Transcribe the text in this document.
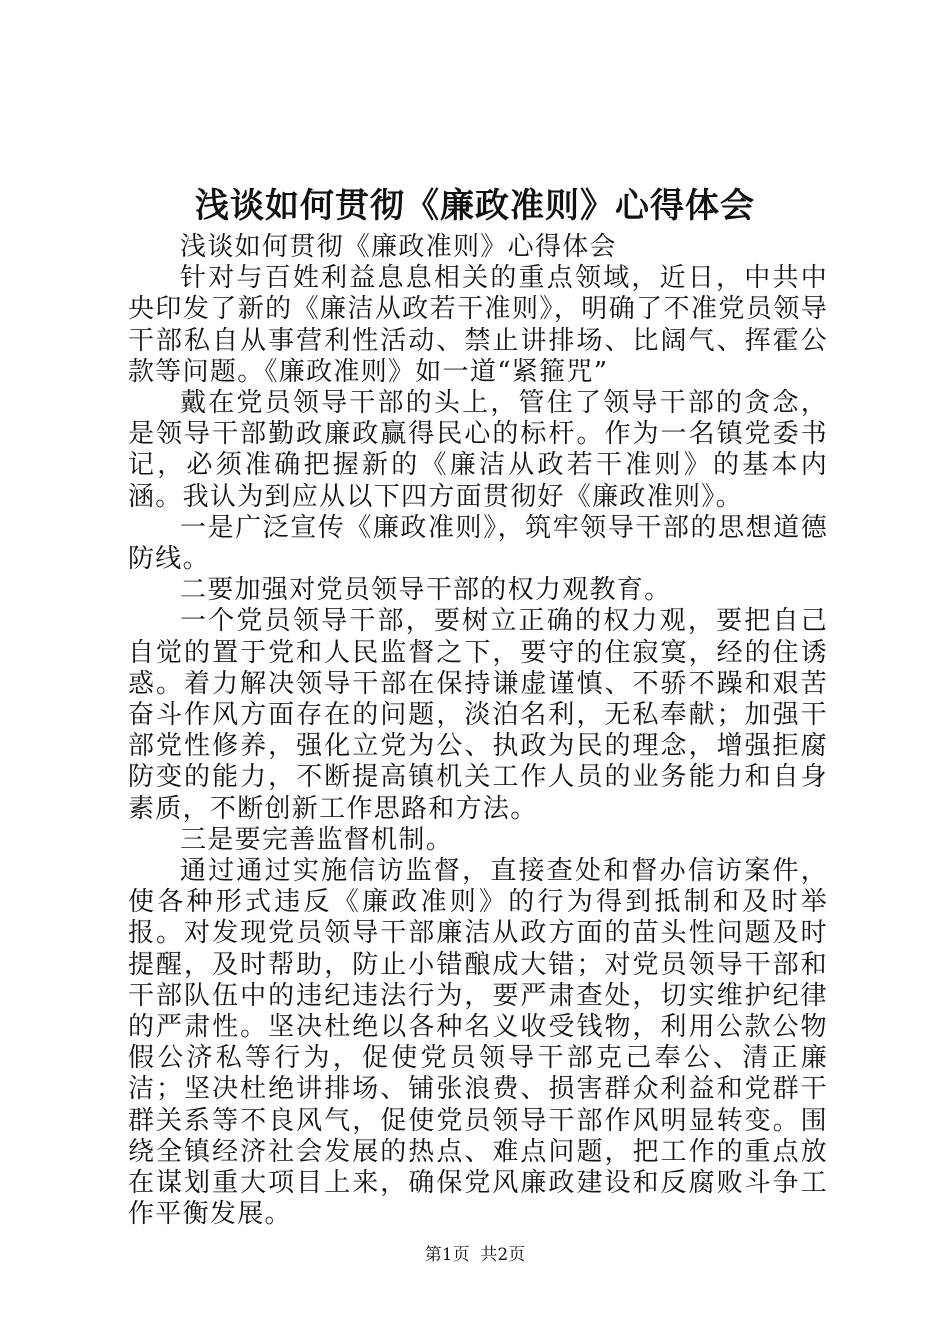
浅谈如何贯彻《廉政准则》心得体会

浅谈如何贯彻《廉政准则》心得体会

针对与百姓利益息息相关的重点领域，近日，中共中央印发了新的《廉洁从政若干准则》，明确了不准党员领导干部私自从事营利性活动、禁止讲排场、比阔气、挥霍公款等问题。《廉政准则》如一道“紧箍咒”

戴在党员领导干部的头上，管住了领导干部的贪念，是领导干部勤政廉政赢得民心的标杆。作为一名镇党委书记，必须准确把握新的《廉洁从政若干准则》的基本内涵。我认为到应从以下四方面贯彻好《廉政准则》。

一是广泛宣传《廉政准则》，筑牢领导干部的思想道德防线。

二要加强对党员领导干部的权力观教育。

一个党员领导干部，要树立正确的权力观，要把自己自觉的置于党和人民监督之下，要守的住寂寞，经的住诱惑。着力解决领导干部在保持谦虚谨慎、不骄不躁和艰苦奋斗作风方面存在的问题，淡泊名利，无私奉献；加强干部党性修养，强化立党为公、执政为民的理念，增强拒腐防变的能力，不断提高镇机关工作人员的业务能力和自身素质，不断创新工作思路和方法。

三是要完善监督机制。

通过通过实施信访监督，直接查处和督办信访案件，使各种形式违反《廉政准则》的行为得到抵制和及时举报。对发现党员领导干部廉洁从政方面的苗头性问题及时提醒，及时帮助，防止小错酿成大错；对党员领导干部和干部队伍中的违纪违法行为，要严肃查处，切实维护纪律的严肃性。坚决杜绝以各种名义收受钱物，利用公款公物假公济私等行为，促使党员领导干部克己奉公、清正廉洁；坚决杜绝讲排场、铺张浪费、损害群众利益和党群干群关系等不良风气，促使党员领导干部作风明显转变。围绕全镇经济社会发展的热点、难点问题，把工作的重点放在谋划重大项目上来，确保党风廉政建设和反腐败斗争工作平衡发展。

第1页 共2页
